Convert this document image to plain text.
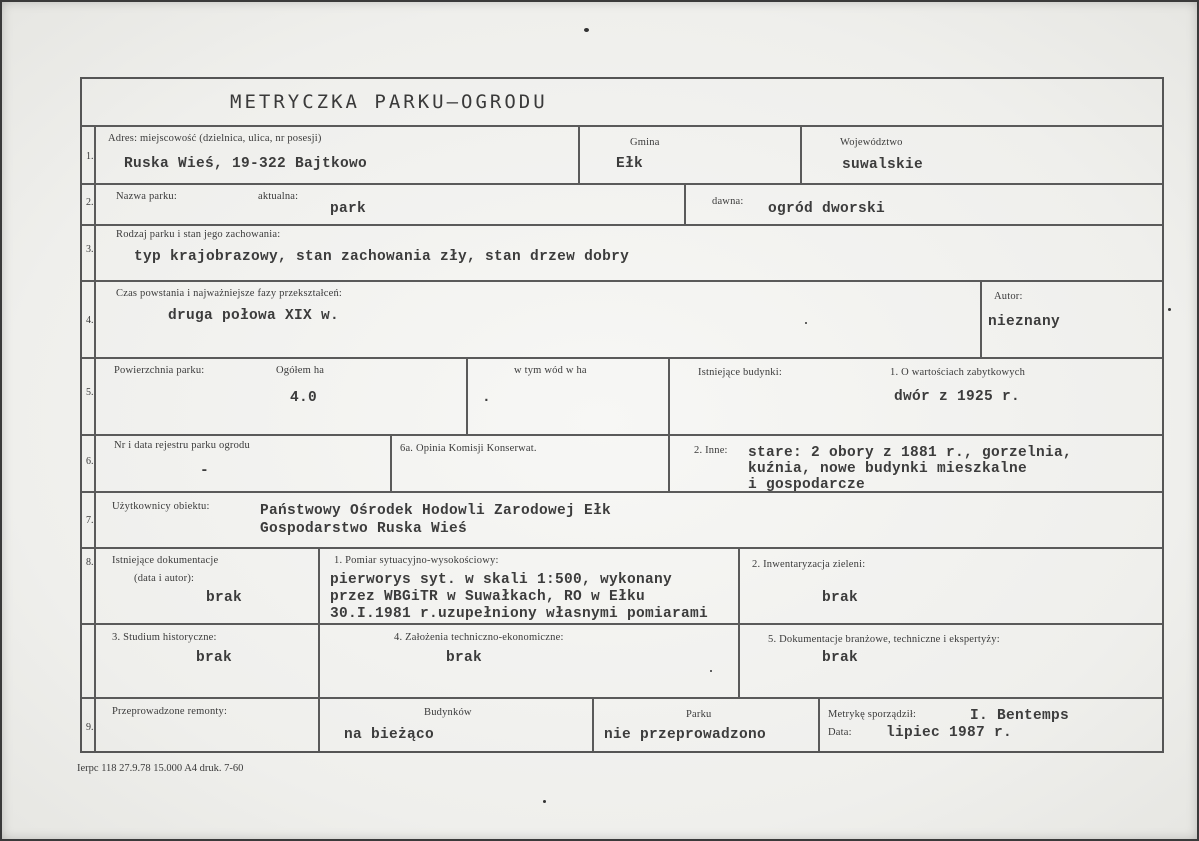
METRYCZKA PARKU–OGRODU
1.
Adres: miejscowość (dzielnica, ulica, nr posesji)
Ruska Wieś, 19-322 Bajtkowo
Gmina
Ełk
Województwo
suwalskie
2.
Nazwa parku:	aktualna:
park	dawna: ogród dworski
3.
Rodzaj parku i stan jego zachowania:
typ krajobrazowy, stan zachowania zły, stan drzew dobry
4.
Czas powstania i najważniejsze fazy przekształceń:
druga połowa XIX w.
Autor:
nieznany
5.
Powierzchnia parku:	Ogółem ha
4.0
w tym wód w ha
.
Istniejące budynki:	1. O wartościach zabytkowych
dwór z 1925 r.
6.
Nr i data rejestru parku ogrodu
-
6a. Opinia Komisji Konserwat.	2. Inne: stare: 2 obory z 1881 r., gorzelnia,
kuźnia, nowe budynki mieszkalne
i gospodarcze
7.
Użytkownicy obiektu:	Państwowy Ośrodek Hodowli Zarodowej Ełk
Gospodarstwo Ruska Wieś
8. Istniejące dokumentacje
(data i autor):
brak
1. Pomiar sytuacyjno-wysokościowy:
pierworys syt. w skali 1:500, wykonany
przez WBGiTR w Suwałkach, RO w Ełku
30.I.1981 r.uzupełniony własnymi pomiarami
2. Inwentaryzacja zieleni:
brak
3. Studium historyczne:
brak
4. Założenia techniczno-ekonomiczne:
brak
5. Dokumentacje branżowe, techniczne i ekspertyży:
brak
9.
Przeprowadzone remonty:	Budynków
na bieżąco
Parku
nie przeprowadzono
Metrykę sporządził:	I. Bentemps
Data: lipiec 1987 r.
Ierpc 118 27.9.78 15.000 A4 druk. 7-60
